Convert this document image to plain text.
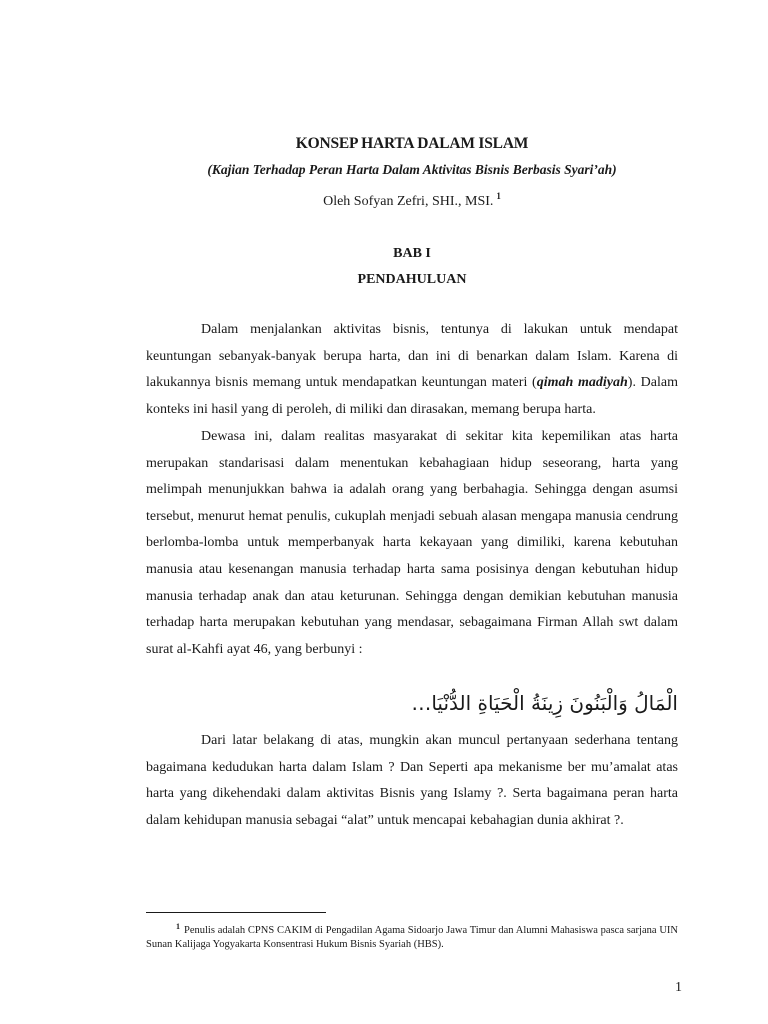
KONSEP HARTA DALAM ISLAM
(Kajian Terhadap Peran Harta Dalam Aktivitas Bisnis Berbasis Syari’ah)
Oleh Sofyan Zefri, SHI., MSI. $^1$
BAB I
PENDAHULUAN

Dalam menjalankan aktivitas bisnis, tentunya di lakukan untuk mendapat keuntungan sebanyak-banyak berupa harta, dan ini di benarkan dalam Islam. Karena di lakukannya bisnis memang untuk mendapatkan keuntungan materi (qimah madiyah). Dalam konteks ini hasil yang di peroleh, di miliki dan dirasakan, memang berupa harta.

Dewasa ini, dalam realitas masyarakat di sekitar kita kepemilikan atas harta merupakan standarisasi dalam menentukan kebahagiaan hidup seseorang, harta yang melimpah menunjukkan bahwa ia adalah orang yang berbahagia. Sehingga dengan asumsi tersebut, menurut hemat penulis, cukuplah menjadi sebuah alasan mengapa manusia cendrung berlomba-lomba untuk memperbanyak harta kekayaan yang dimiliki, karena kebutuhan manusia atau kesenangan manusia terhadap harta sama posisinya dengan kebutuhan hidup manusia terhadap anak dan atau keturunan. Sehingga dengan demikian kebutuhan manusia terhadap harta merupakan kebutuhan yang mendasar, sebagaimana Firman Allah swt dalam surat al-Kahfi ayat 46, yang berbunyi :

الْمَالُ وَالْبَنُونَ زِينَةُ الْحَيَاةِ الدُّنْيَا…

Dari latar belakang di atas, mungkin akan muncul pertanyaan sederhana tentang bagaimana kedudukan harta dalam Islam ? Dan Seperti apa mekanisme ber mu’amalat atas harta yang dikehendaki dalam aktivitas Bisnis yang Islamy ?. Serta bagaimana peran harta dalam kehidupan manusia sebagai “alat” untuk mencapai kebahagian dunia akhirat ?.

$^1$ Penulis adalah CPNS CAKIM di Pengadilan Agama Sidoarjo Jawa Timur dan Alumni Mahasiswa pasca sarjana UIN Sunan Kalijaga Yogyakarta Konsentrasi Hukum Bisnis Syariah (HBS).
1
